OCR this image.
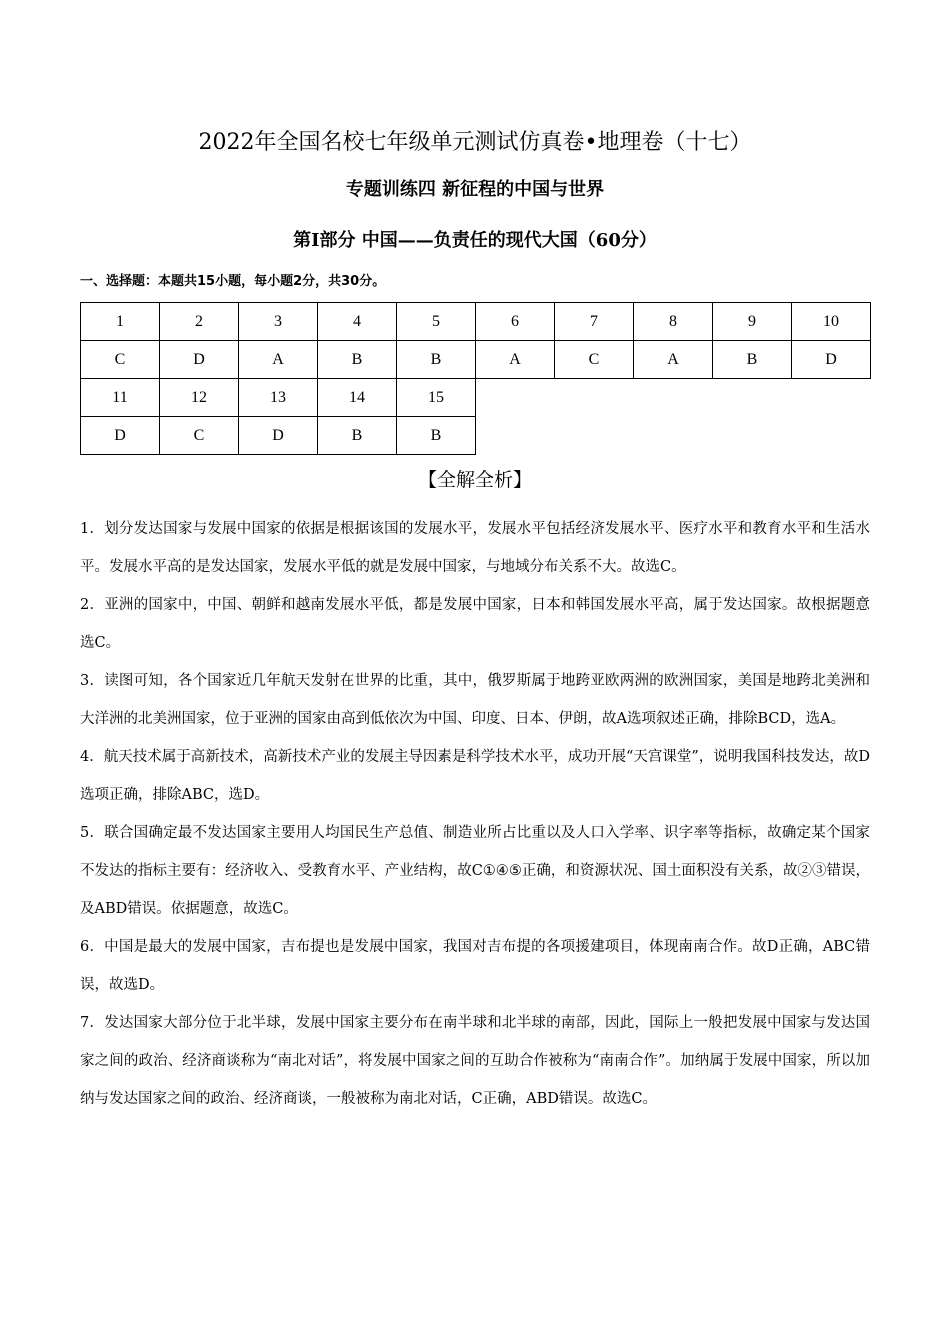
2022年全国名校七年级单元测试仿真卷•地理卷（十七）
专题训练四 新征程的中国与世界
第Ⅰ部分 中国——负责任的现代大国（60分）
一、选择题：本题共15小题，每小题2分，共30分。
1	2	3	4	5	6	7	8	9	10
C	D	A	B	B	A	C	A	B	D
11	12	13	14	15					
D	C	D	B	B					
【全解全析】

1．划分发达国家与发展中国家的依据是根据该国的发展水平，发展水平包括经济发展水平、医疗水平和教育水平和生活水平。发展水平高的是发达国家，发展水平低的就是发展中国家，与地域分布关系不大。故选C。

2．亚洲的国家中，中国、朝鲜和越南发展水平低，都是发展中国家，日本和韩国发展水平高，属于发达国家。故根据题意选C。

3．读图可知，各个国家近几年航天发射在世界的比重，其中，俄罗斯属于地跨亚欧两洲的欧洲国家，美国是地跨北美洲和大洋洲的北美洲国家，位于亚洲的国家由高到低依次为中国、印度、日本、伊朗，故A选项叙述正确，排除BCD，选A。

4．航天技术属于高新技术，高新技术产业的发展主导因素是科学技术水平，成功开展“天宫课堂”，说明我国科技发达，故D选项正确，排除ABC，选D。

5．联合国确定最不发达国家主要用人均国民生产总值、制造业所占比重以及人口入学率、识字率等指标，故确定某个国家不发达的指标主要有：经济收入、受教育水平、产业结构，故C①④⑤正确，和资源状况、国土面积没有关系，故②③错误，及ABD错误。依据题意，故选C。

6．中国是最大的发展中国家，吉布提也是发展中国家，我国对吉布提的各项援建项目，体现南南合作。故D正确，ABC错误，故选D。

7．发达国家大部分位于北半球，发展中国家主要分布在南半球和北半球的南部，因此，国际上一般把发展中国家与发达国家之间的政治、经济商谈称为“南北对话”，将发展中国家之间的互助合作被称为“南南合作”。加纳属于发展中国家，所以加纳与发达国家之间的政治、经济商谈，一般被称为南北对话，C正确，ABD错误。故选C。
